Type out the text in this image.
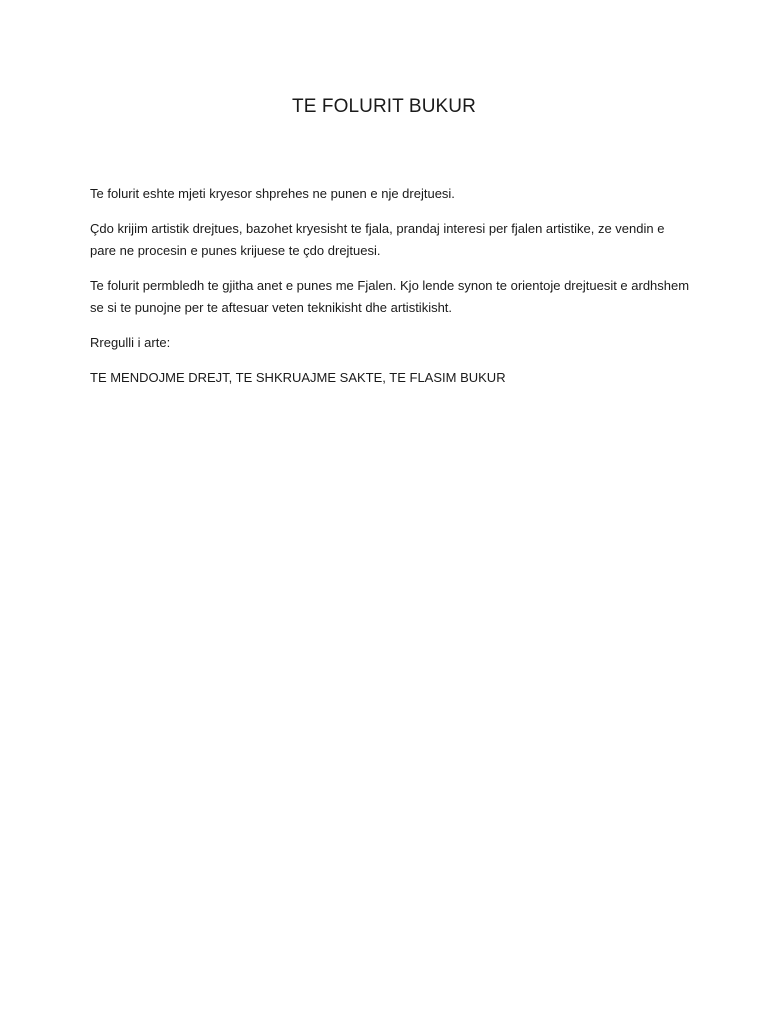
TE FOLURIT BUKUR

Te folurit eshte mjeti kryesor shprehes ne punen e nje drejtuesi.

Çdo krijim artistik drejtues, bazohet kryesisht te fjala, prandaj interesi per fjalen artistike, ze vendin e pare ne procesin e punes krijuese te çdo drejtuesi.

Te folurit permbledh te gjitha anet e punes me Fjalen. Kjo lende synon te orientoje drejtuesit e ardhshem se si te punojne per te aftesuar veten teknikisht dhe artistikisht.

Rregulli i arte:

TE MENDOJME DREJT, TE SHKRUAJME SAKTE, TE FLASIM BUKUR
